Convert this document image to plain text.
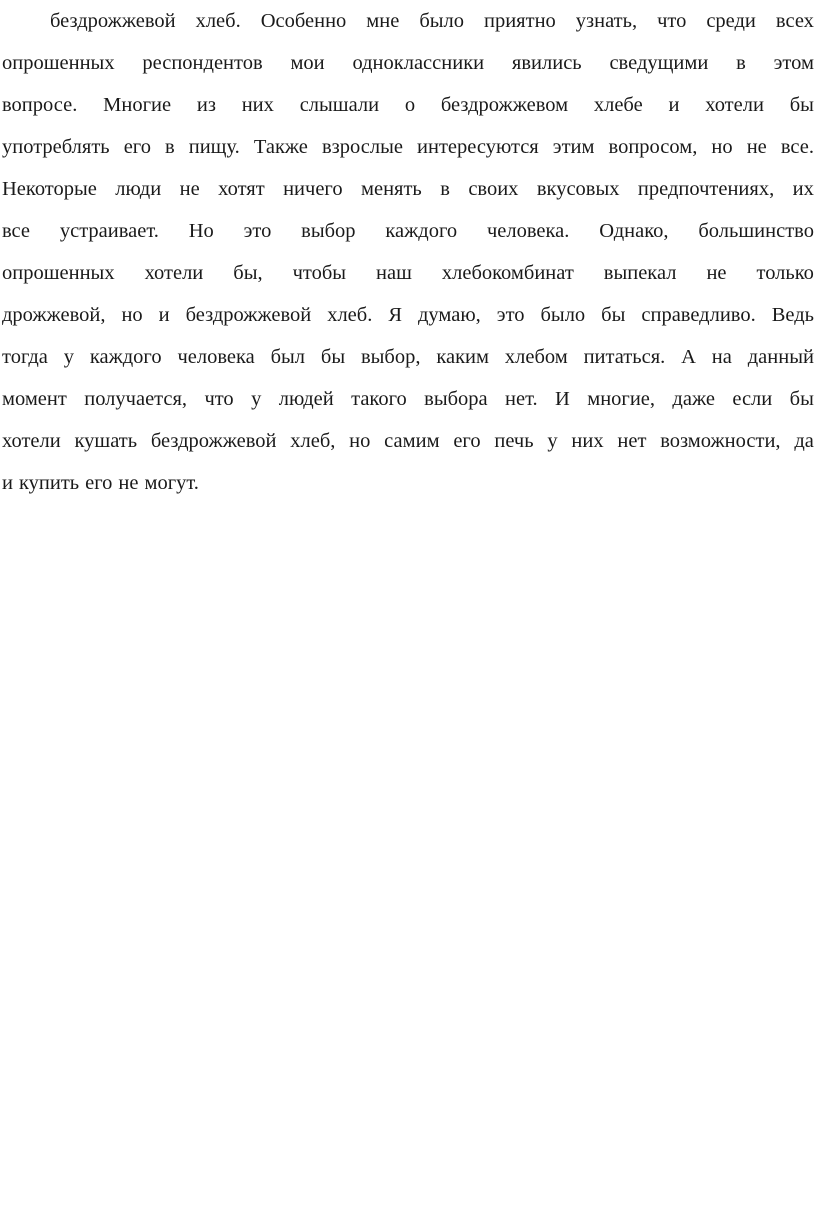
бездрожжевой хлеб. Особенно мне было приятно узнать, что среди всех
опрошенных респондентов мои одноклассники явились сведущими в этом
вопросе. Многие из них слышали о бездрожжевом хлебе и хотели бы
употреблять его в пищу. Также взрослые интересуются этим вопросом, но не все.
Некоторые люди не хотят ничего менять в своих вкусовых предпочтениях, их
все устраивает. Но это выбор каждого человека. Однако, большинство
опрошенных хотели бы, чтобы наш хлебокомбинат выпекал не только
дрожжевой, но и бездрожжевой хлеб. Я думаю, это было бы справедливо. Ведь
тогда у каждого человека был бы выбор, каким хлебом питаться. А на данный
момент получается, что у людей такого выбора нет. И многие, даже если бы
хотели кушать бездрожжевой хлеб, но самим его печь у них нет возможности, да
и купить его не могут.
